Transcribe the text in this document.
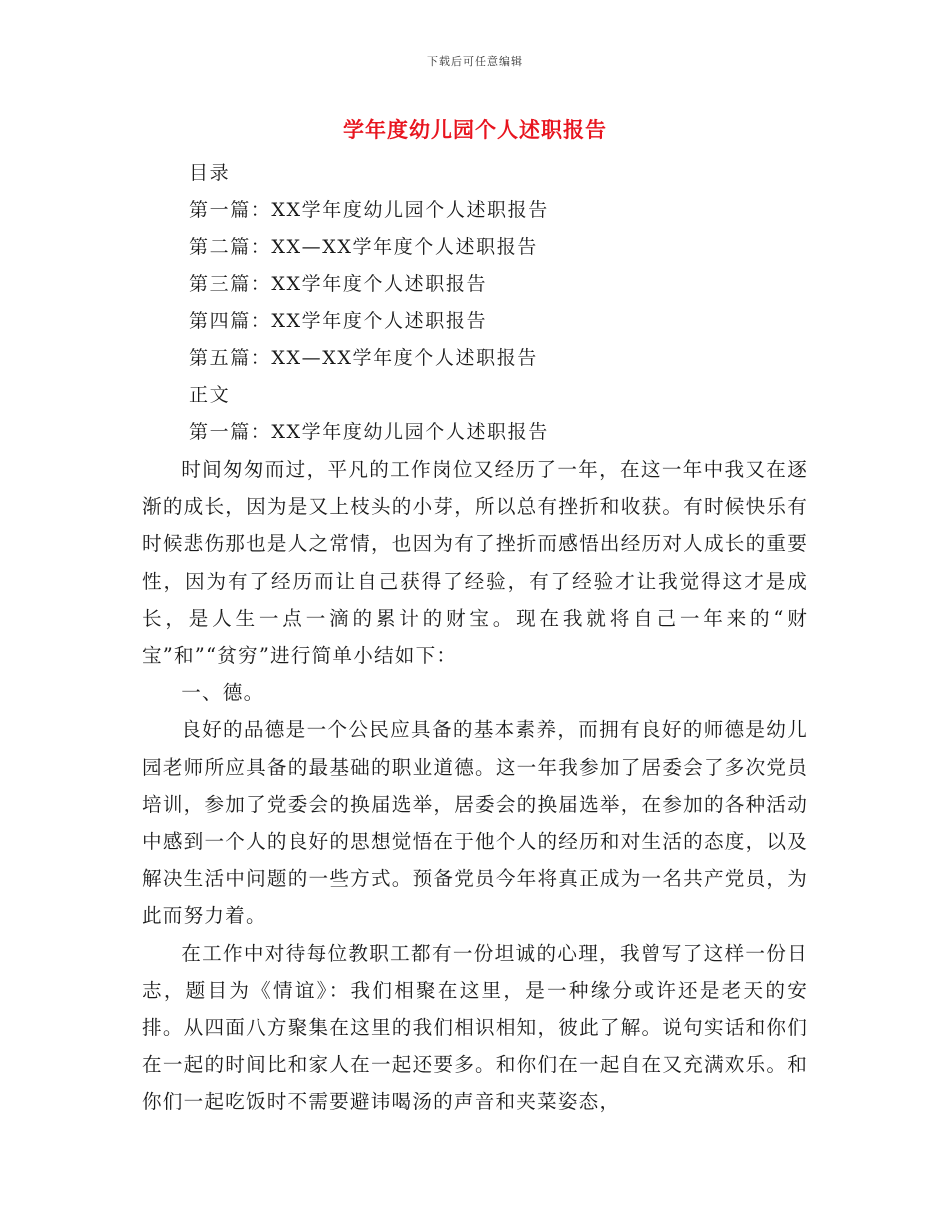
下载后可任意编辑
学年度幼儿园个人述职报告
目录
第一篇：XX学年度幼儿园个人述职报告
第二篇：XX—XX学年度个人述职报告
第三篇：XX学年度个人述职报告
第四篇：XX学年度个人述职报告
第五篇：XX—XX学年度个人述职报告
正文
第一篇：XX学年度幼儿园个人述职报告

时间匆匆而过，平凡的工作岗位又经历了一年，在这一年中我又在逐渐的成长，因为是又上枝头的小芽，所以总有挫折和收获。有时候快乐有时候悲伤那也是人之常情，也因为有了挫折而感悟出经历对人成长的重要性，因为有了经历而让自己获得了经验，有了经验才让我觉得这才是成长，是人生一点一滴的累计的财宝。现在我就将自己一年来的“财宝”和”“贫穷”进行简单小结如下：

一、德。

良好的品德是一个公民应具备的基本素养，而拥有良好的师德是幼儿园老师所应具备的最基础的职业道德。这一年我参加了居委会了多次党员培训，参加了党委会的换届选举，居委会的换届选举，在参加的各种活动中感到一个人的良好的思想觉悟在于他个人的经历和对生活的态度，以及解决生活中问题的一些方式。预备党员今年将真正成为一名共产党员，为此而努力着。

在工作中对待每位教职工都有一份坦诚的心理，我曾写了这样一份日志，题目为《情谊》：我们相聚在这里，是一种缘分或许还是老天的安排。从四面八方聚集在这里的我们相识相知，彼此了解。说句实话和你们在一起的时间比和家人在一起还要多。和你们在一起自在又充满欢乐。和你们一起吃饭时不需要避讳喝汤的声音和夹菜姿态，
